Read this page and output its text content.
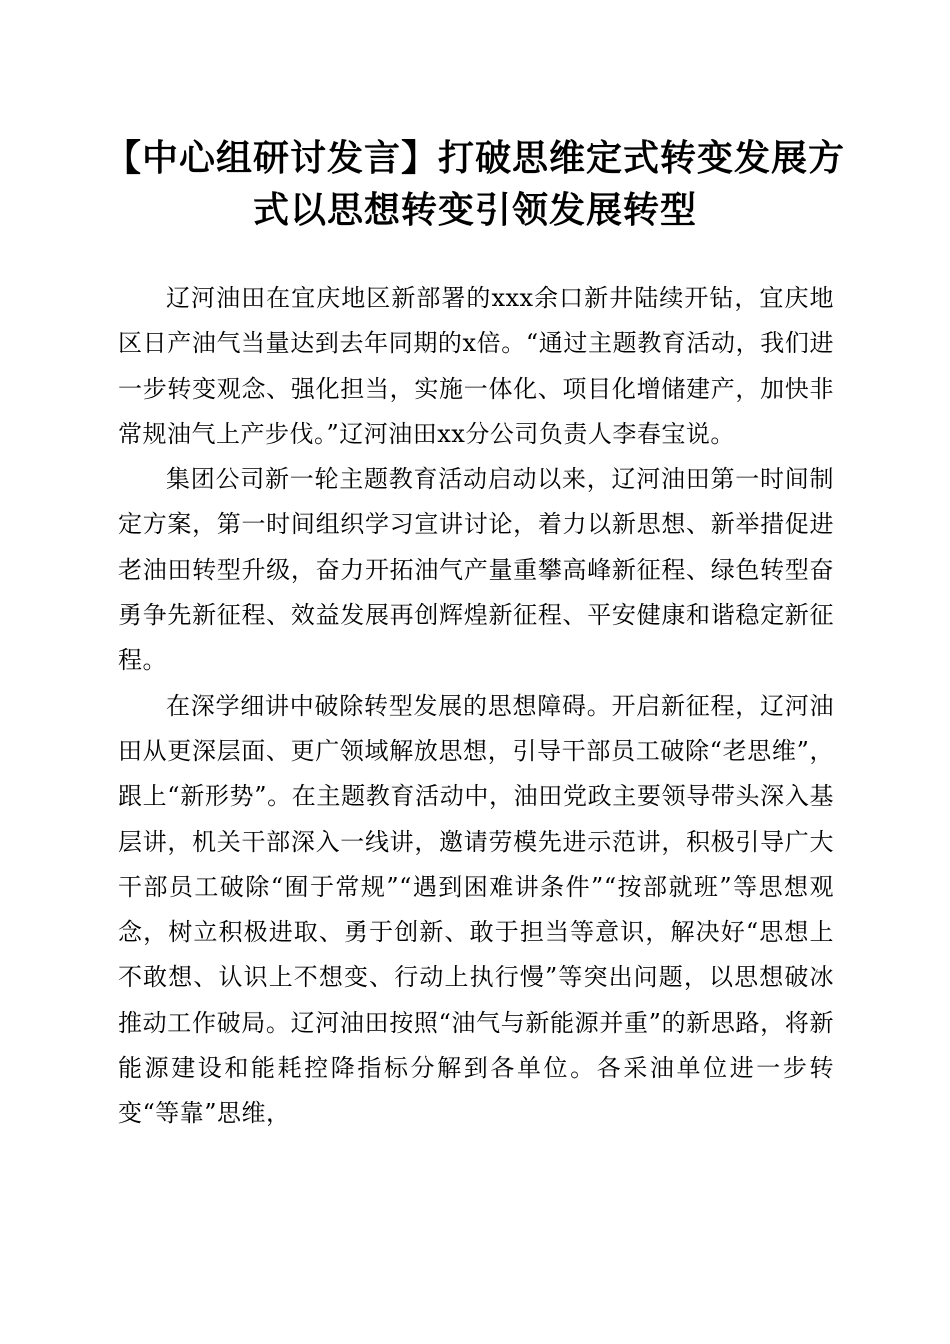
【中心组研讨发言】打破思维定式转变发展方式以思想转变引领发展转型

辽河油田在宜庆地区新部署的xxx余口新井陆续开钻，宜庆地区日产油气当量达到去年同期的x倍。“通过主题教育活动，我们进一步转变观念、强化担当，实施一体化、项目化增储建产，加快非常规油气上产步伐。”辽河油田xx分公司负责人李春宝说。

集团公司新一轮主题教育活动启动以来，辽河油田第一时间制定方案，第一时间组织学习宣讲讨论，着力以新思想、新举措促进老油田转型升级，奋力开拓油气产量重攀高峰新征程、绿色转型奋勇争先新征程、效益发展再创辉煌新征程、平安健康和谐稳定新征程。

在深学细讲中破除转型发展的思想障碍。开启新征程，辽河油田从更深层面、更广领域解放思想，引导干部员工破除“老思维”，跟上“新形势”。在主题教育活动中，油田党政主要领导带头深入基层讲，机关干部深入一线讲，邀请劳模先进示范讲，积极引导广大干部员工破除“囿于常规”“遇到困难讲条件”“按部就班”等思想观念，树立积极进取、勇于创新、敢于担当等意识，解决好“思想上不敢想、认识上不想变、行动上执行慢”等突出问题，以思想破冰推动工作破局。辽河油田按照“油气与新能源并重”的新思路，将新能源建设和能耗控降指标分解到各单位。各采油单位进一步转变“等靠”思维，
